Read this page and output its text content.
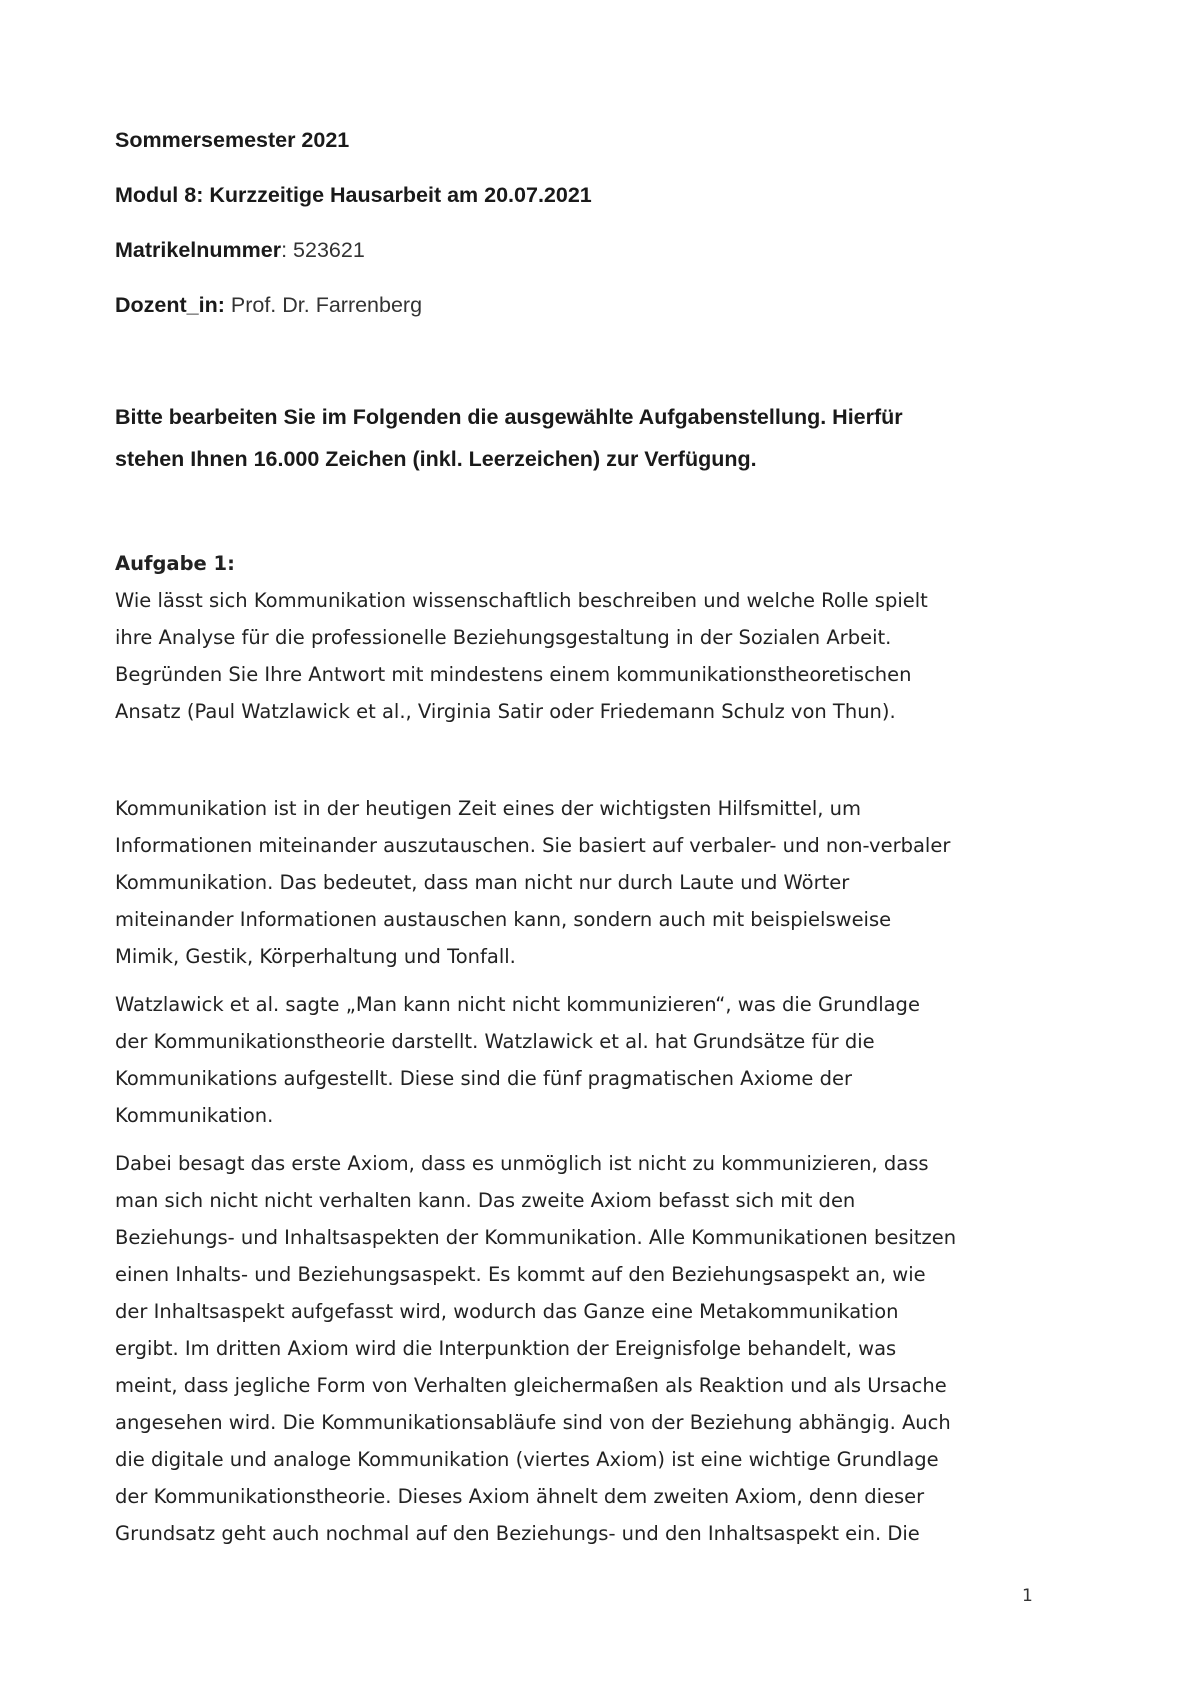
Sommersemester 2021
Modul 8: Kurzzeitige Hausarbeit am 20.07.2021
Matrikelnummer: 523621
Dozent_in: Prof. Dr. Farrenberg
Bitte bearbeiten Sie im Folgenden die ausgewählte Aufgabenstellung. Hierfür
stehen Ihnen 16.000 Zeichen (inkl. Leerzeichen) zur Verfügung.
Aufgabe 1:
Wie lässt sich Kommunikation wissenschaftlich beschreiben und welche Rolle spielt
ihre Analyse für die professionelle Beziehungsgestaltung in der Sozialen Arbeit.
Begründen Sie Ihre Antwort mit mindestens einem kommunikationstheoretischen
Ansatz (Paul Watzlawick et al., Virginia Satir oder Friedemann Schulz von Thun).

Kommunikation ist in der heutigen Zeit eines der wichtigsten Hilfsmittel, um
Informationen miteinander auszutauschen. Sie basiert auf verbaler- und non-verbaler
Kommunikation. Das bedeutet, dass man nicht nur durch Laute und Wörter
miteinander Informationen austauschen kann, sondern auch mit beispielsweise
Mimik, Gestik, Körperhaltung und Tonfall.

Watzlawick et al. sagte „Man kann nicht nicht kommunizieren“, was die Grundlage
der Kommunikationstheorie darstellt. Watzlawick et al. hat Grundsätze für die
Kommunikations aufgestellt. Diese sind die fünf pragmatischen Axiome der
Kommunikation.

Dabei besagt das erste Axiom, dass es unmöglich ist nicht zu kommunizieren, dass
man sich nicht nicht verhalten kann. Das zweite Axiom befasst sich mit den
Beziehungs- und Inhaltsaspekten der Kommunikation. Alle Kommunikationen besitzen
einen Inhalts- und Beziehungsaspekt. Es kommt auf den Beziehungsaspekt an, wie
der Inhaltsaspekt aufgefasst wird, wodurch das Ganze eine Metakommunikation
ergibt. Im dritten Axiom wird die Interpunktion der Ereignisfolge behandelt, was
meint, dass jegliche Form von Verhalten gleichermaßen als Reaktion und als Ursache
angesehen wird. Die Kommunikationsabläufe sind von der Beziehung abhängig. Auch
die digitale und analoge Kommunikation (viertes Axiom) ist eine wichtige Grundlage
der Kommunikationstheorie. Dieses Axiom ähnelt dem zweiten Axiom, denn dieser
Grundsatz geht auch nochmal auf den Beziehungs- und den Inhaltsaspekt ein. Die

1
